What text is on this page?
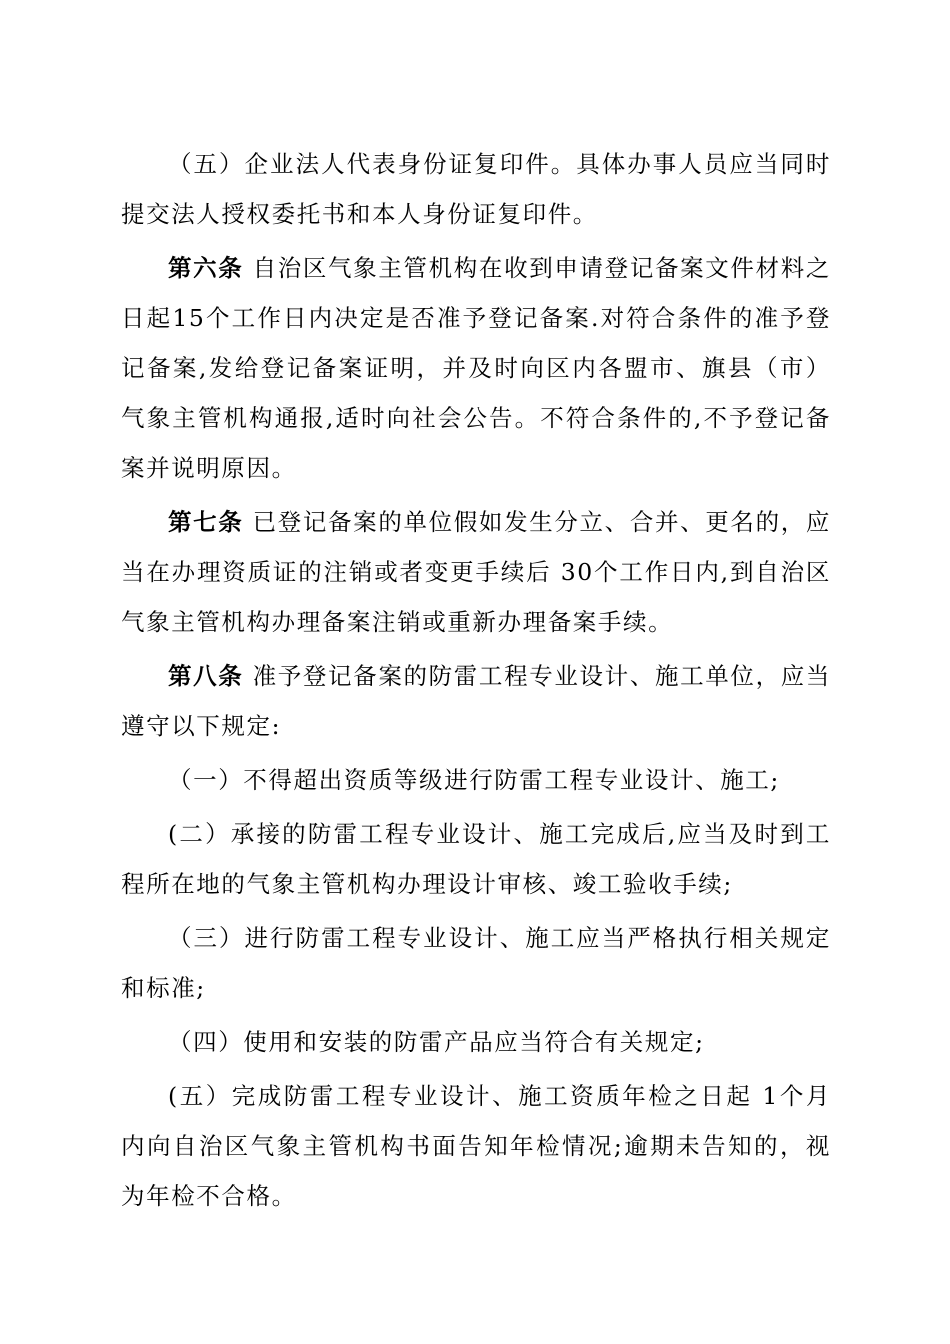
（五）企业法人代表身份证复印件。具体办事人员应当同时提交法人授权委托书和本人身份证复印件。

第六条 自治区气象主管机构在收到申请登记备案文件材料之日起15个工作日内决定是否准予登记备案.对符合条件的准予登记备案,发给登记备案证明，并及时向区内各盟市、旗县（市）气象主管机构通报,适时向社会公告。不符合条件的,不予登记备案并说明原因。

第七条 已登记备案的单位假如发生分立、合并、更名的，应当在办理资质证的注销或者变更手续后 30个工作日内,到自治区气象主管机构办理备案注销或重新办理备案手续。

第八条 准予登记备案的防雷工程专业设计、施工单位，应当遵守以下规定:

（一）不得超出资质等级进行防雷工程专业设计、施工;

(二）承接的防雷工程专业设计、施工完成后,应当及时到工程所在地的气象主管机构办理设计审核、竣工验收手续;

（三）进行防雷工程专业设计、施工应当严格执行相关规定和标准;

（四）使用和安装的防雷产品应当符合有关规定;

(五）完成防雷工程专业设计、施工资质年检之日起 1个月内向自治区气象主管机构书面告知年检情况;逾期未告知的，视为年检不合格。
